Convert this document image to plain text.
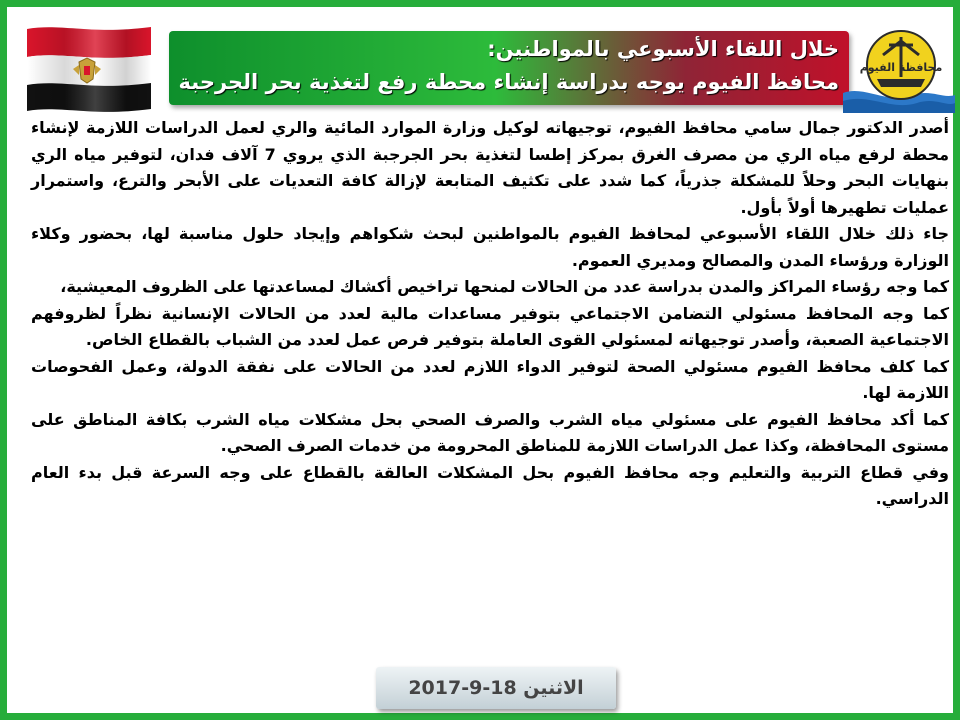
خلال اللقاء الأسبوعي بالمواطنين:
محافظ الفيوم يوجه بدراسة إنشاء محطة رفع لتغذية بحر الجرجبة
محافظة الفيوم

أصدر الدكتور جمال سامي محافظ الفيوم، توجيهاته لوكيل وزارة الموارد المائية والري لعمل الدراسات اللازمة لإنشاء محطة لرفع مياه الري من مصرف الغرق بمركز إطسا لتغذية بحر الجرجبة الذي يروي 7 آلاف فدان، لتوفير مياه الري بنهايات البحر وحلاً للمشكلة جذرياً، كما شدد على تكثيف المتابعة لإزالة كافة التعديات على الأبحر والترع، واستمرار عمليات تطهيرها أولاً بأول.

جاء ذلك خلال اللقاء الأسبوعي لمحافظ الفيوم بالمواطنين لبحث شكواهم وإيجاد حلول مناسبة لها، بحضور وكلاء الوزارة ورؤساء المدن والمصالح ومديري العموم.

كما وجه رؤساء المراكز والمدن بدراسة عدد من الحالات لمنحها تراخيص أكشاك لمساعدتها على الظروف المعيشية،

كما وجه المحافظ مسئولي التضامن الاجتماعي بتوفير مساعدات مالية لعدد من الحالات الإنسانية نظراً لظروفهم الاجتماعية الصعبة، وأصدر توجيهاته لمسئولي القوى العاملة بتوفير فرص عمل لعدد من الشباب بالقطاع الخاص.

كما كلف محافظ الفيوم مسئولي الصحة لتوفير الدواء اللازم لعدد من الحالات على نفقة الدولة، وعمل الفحوصات اللازمة لها.

كما أكد محافظ الفيوم على مسئولي مياه الشرب والصرف الصحي بحل مشكلات مياه الشرب بكافة المناطق على مستوى المحافظة، وكذا عمل الدراسات اللازمة للمناطق المحرومة من خدمات الصرف الصحي.

وفي قطاع التربية والتعليم وجه محافظ الفيوم بحل المشكلات العالقة بالقطاع على وجه السرعة قبل بدء العام الدراسي.

الاثنين 18-9-2017
